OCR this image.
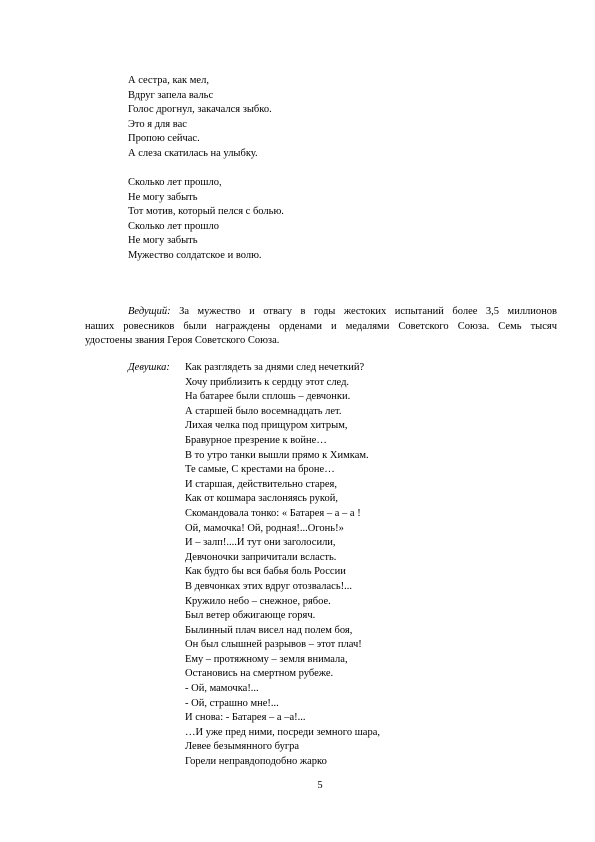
А сестра, как мел,
Вдруг запела вальс
Голос дрогнул, закачался зыбко.
Это я для вас
Пропою сейчас.
А слеза скатилась на улыбку.
Сколько лет прошло,
Не могу забыть
Тот мотив, который пелся с болью.
Сколько лет прошло
Не могу забыть
Мужество солдатское и волю.
Ведущий: За мужество и отвагу в годы жестоких испытаний более 3,5 миллионов
наших ровесников были награждены орденами и медалями Советского Союза. Семь тысяч
удостоены звания Героя Советского Союза.
Девушка: Как разглядеть за днями след нечеткий?
Хочу приблизить к сердцу этот след.
На батарее были сплошь – девчонки.
А старшей было восемнадцать лет.
Лихая челка под прищуром хитрым,
Бравурное презрение к войне…
В то утро танки вышли прямо к Химкам.
Те самые, С крестами на броне…
И старшая, действительно старея,
Как от кошмара заслоняясь рукой,
Скомандовала тонко: « Батарея – а – а !
Ой, мамочка! Ой, родная!...Огонь!»
И – залп!....И тут они заголосили,
Девчоночки запричитали всласть.
Как будто бы вся бабья боль России
В девчонках этих вдруг отозвалась!...
Кружило небо – снежное, рябое.
Был ветер обжигающе горяч.
Былинный плач висел над полем боя,
Он был слышней разрывов – этот плач!
Ему – протяжному – земля внимала,
Остановись на смертном рубеже.
- Ой, мамочка!...
- Ой, страшно мне!...
И снова: - Батарея – а –а!...
…И уже пред ними, посреди земного шара,
Левее безымянного бугра
Горели неправдоподобно жарко
5
